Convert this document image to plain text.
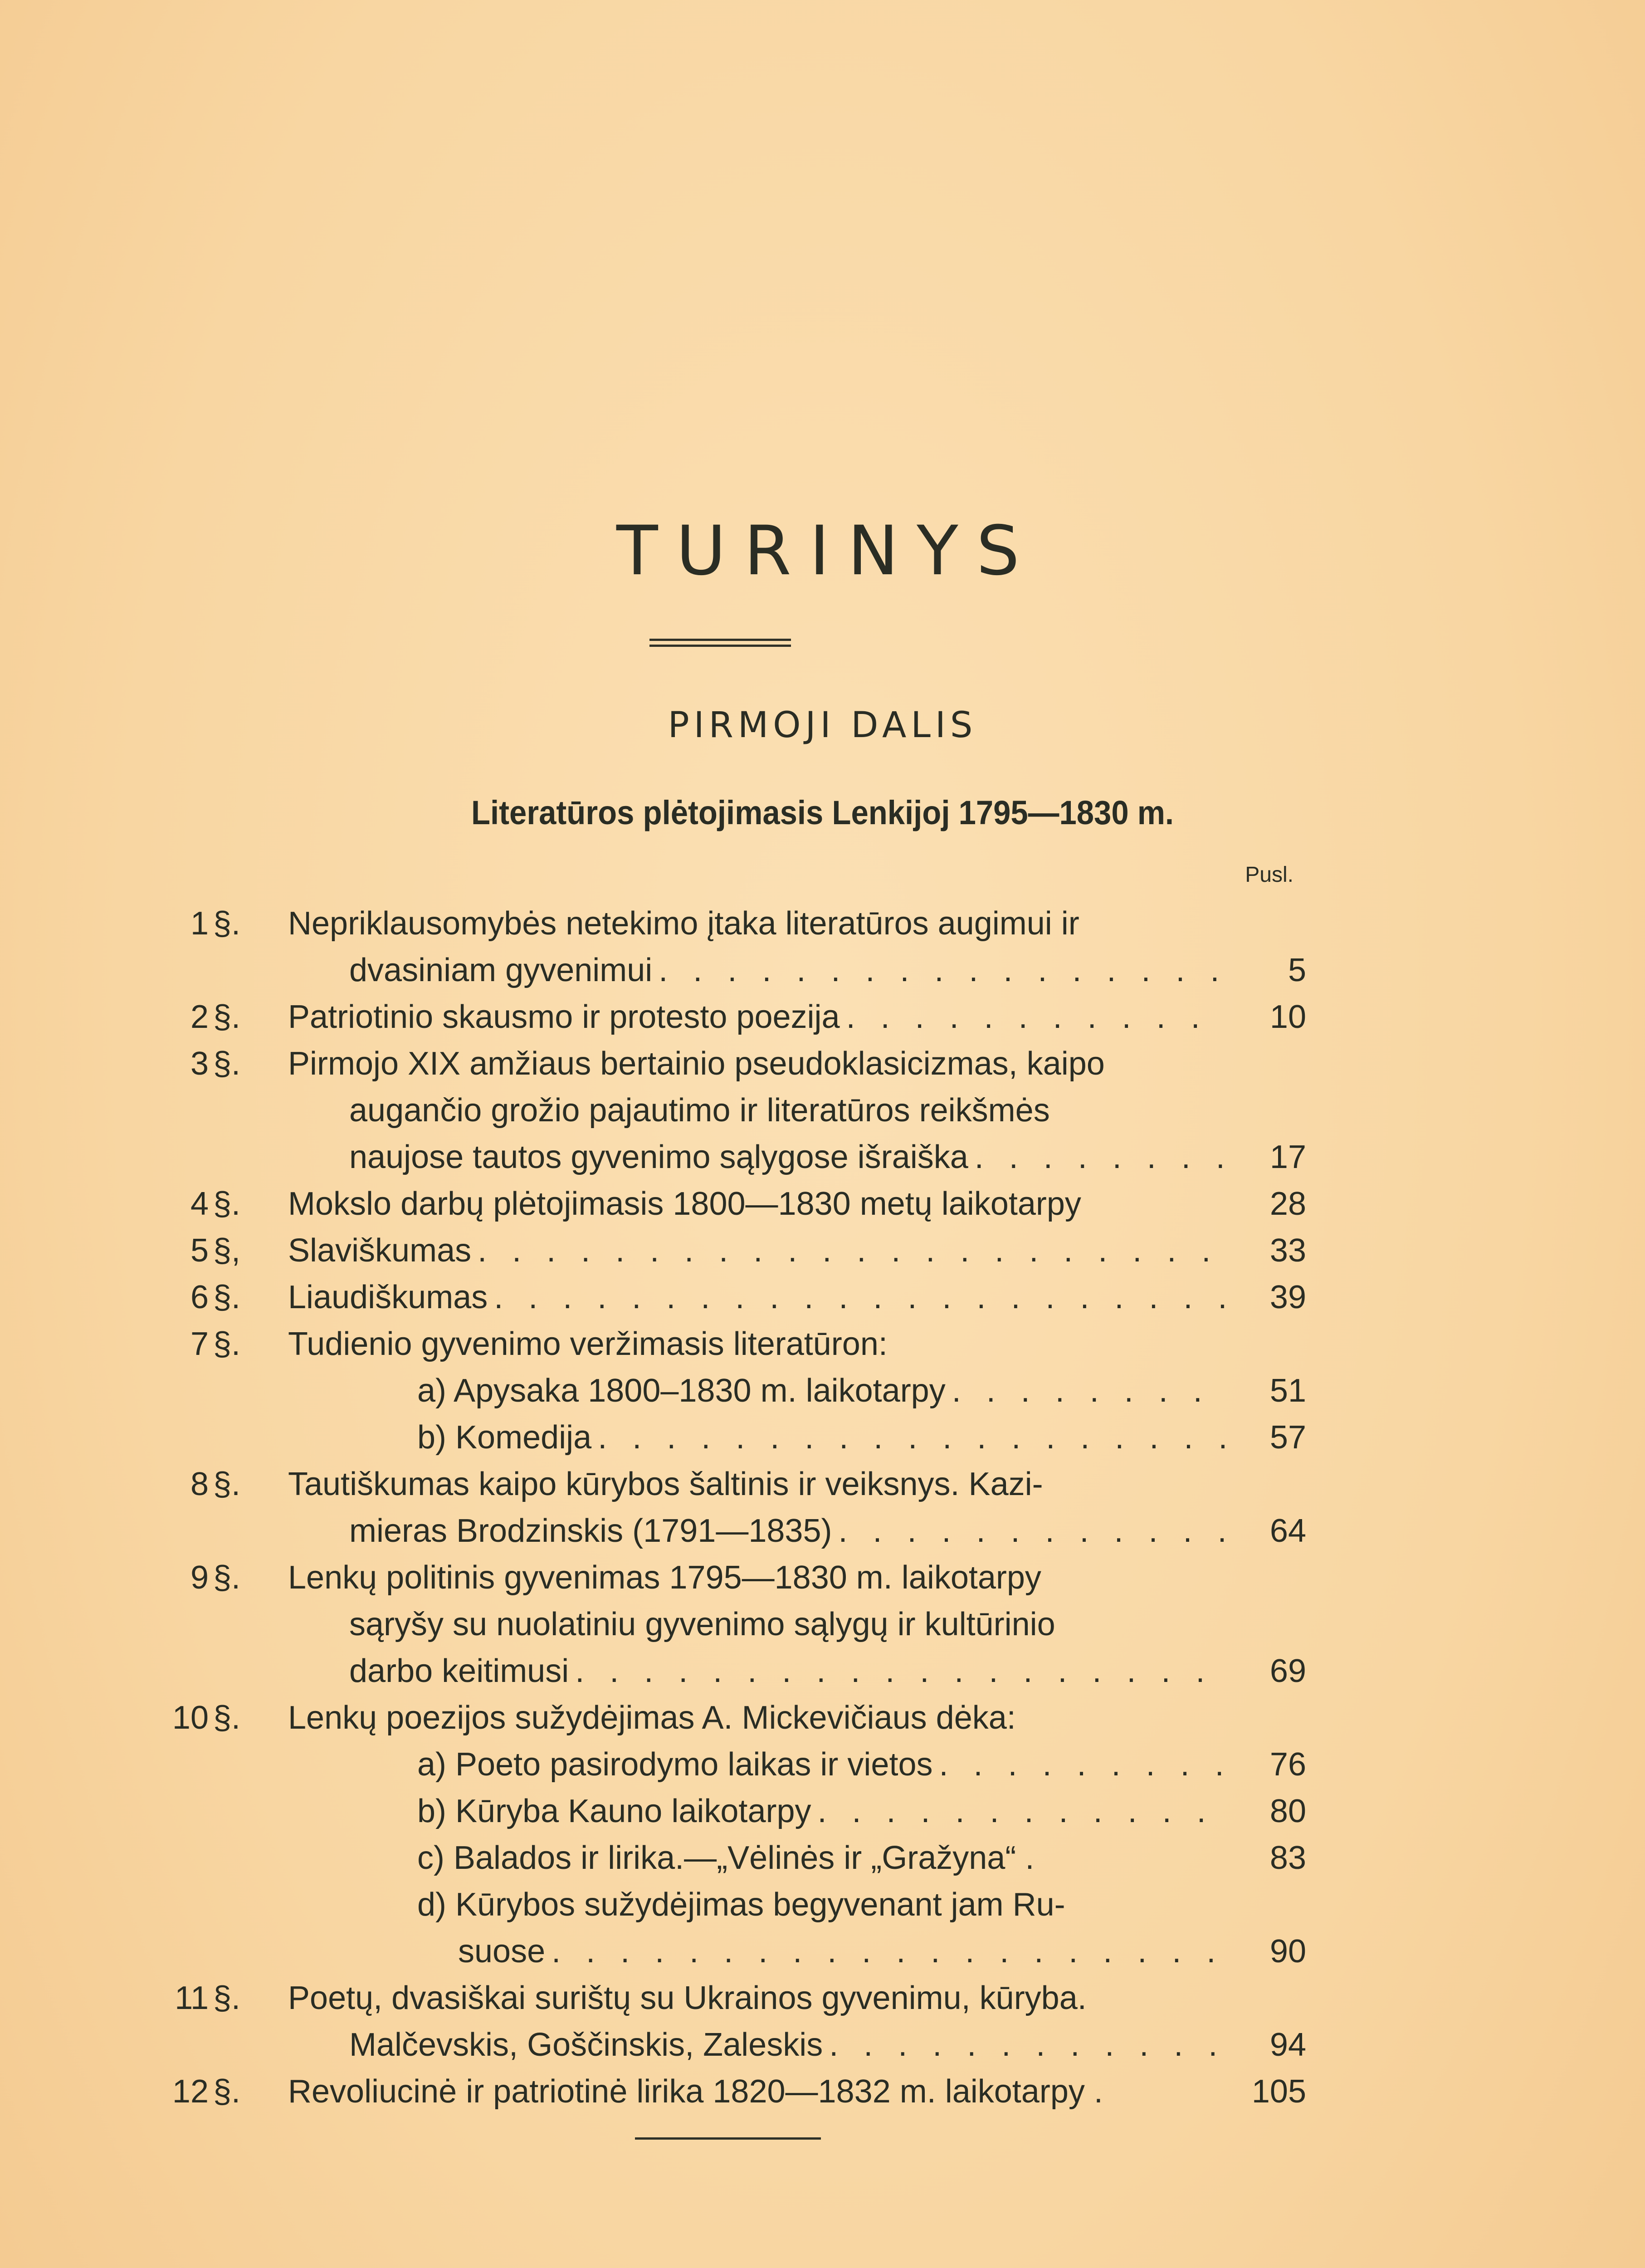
TURINYS
PIRMOJI DALIS
Literatūros plėtojimasis Lenkijoj 1795—1830 m.
Pusl.
1 §. Nepriklausomybės netekimo įtaka literatūros augimui ir
dvasiniam gyvenimui . . .	5
2 §. Patriotinio skausmo ir protesto poezija . . .	10
3 §. Pirmojo XIX amžiaus bertainio pseudoklasicizmas, kaipo
augančio grožio pajautimo ir literatūros reikšmės
naujose tautos gyvenimo sąlygose išraiška . . .	17
4 §. Mokslo darbų plėtojimasis 1800—1830 metų laikotarpy	28
5 §, Slaviškumas . . .	33
6 §. Liaudiškumas . . .	39
7 §. Tudienio gyvenimo veržimasis literatūron:
a) Apysaka 1800–1830 m. laikotarpy . . .	51
b) Komedija . . .	57
8 §. Tautiškumas kaipo kūrybos šaltinis ir veiksnys. Kazi-
mieras Brodzinskis (1791—1835) . . .	64
9 §. Lenkų politinis gyvenimas 1795—1830 m. laikotarpy
sąryšy su nuolatiniu gyvenimo sąlygų ir kultūrinio
darbo keitimusi . . .	69
10 §. Lenkų poezijos sužydėjimas A. Mickevičiaus dėka:
a) Poeto pasirodymo laikas ir vietos . . .	76
b) Kūryba Kauno laikotarpy . . .	80
c) Balados ir lirika.—„Vėlinės ir „Gražyna“ .	83
d) Kūrybos sužydėjimas begyvenant jam Ru-
suose . . .	90
11 §. Poetų, dvasiškai surištų su Ukrainos gyvenimu, kūryba.
Malčevskis, Goščinskis, Zaleskis . . .	94
12 §. Revoliucinė ir patriotinė lirika 1820—1832 m. laikotarpy .	105
